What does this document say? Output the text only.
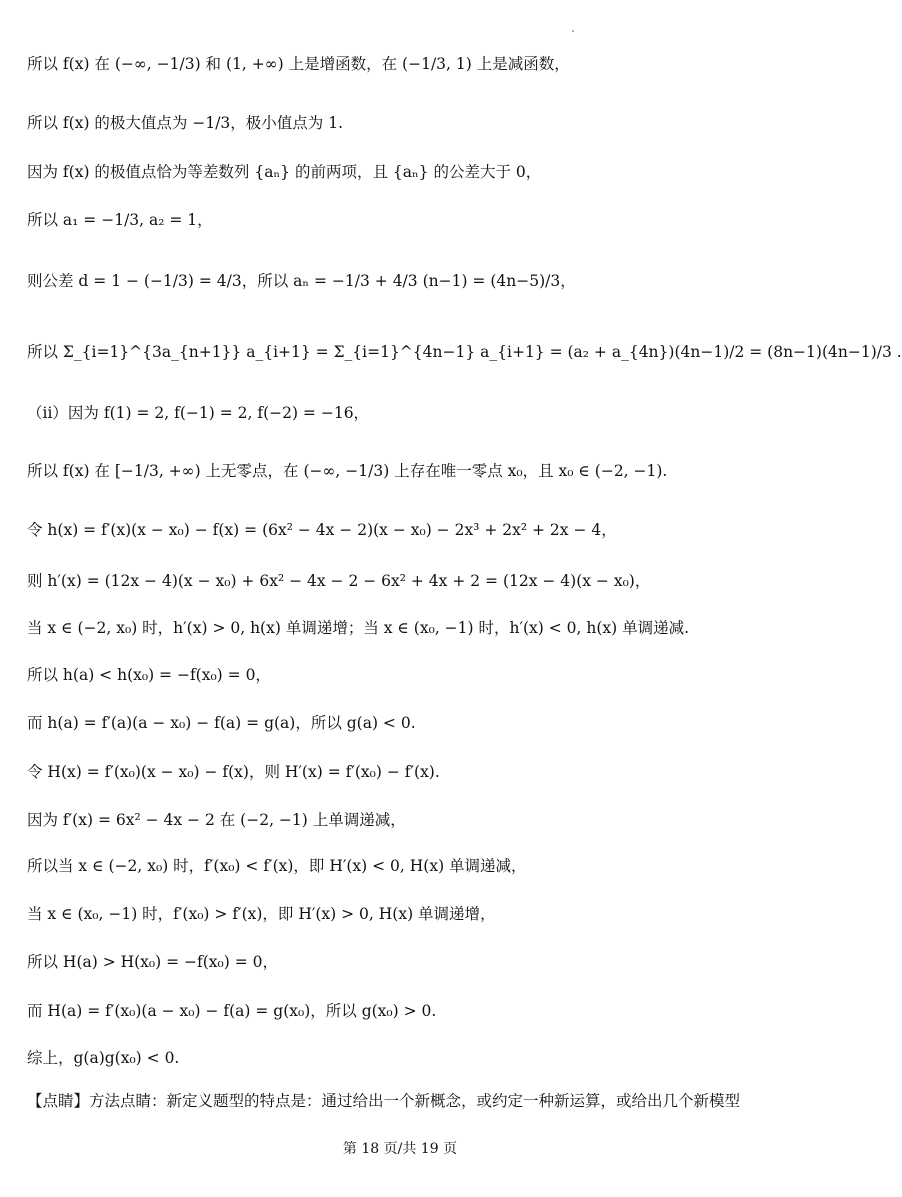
所以 f(x) 在 (−∞, −1/3) 和 (1, +∞) 上是增函数，在 (−1/3, 1) 上是减函数，
所以 f(x) 的极大值点为 −1/3，极小值点为 1.
因为 f(x) 的极值点恰为等差数列 {aₙ} 的前两项，且 {aₙ} 的公差大于 0，
所以 a₁ = −1/3, a₂ = 1，
则公差 d = 1 − (−1/3) = 4/3，所以 aₙ = −1/3 + 4/3 (n−1) = (4n−5)/3，
所以 Σ_{i=1}^{3a_{n+1}} a_{i+1} = Σ_{i=1}^{4n−1} a_{i+1} = (a₂ + a_{4n})(4n−1)/2 = (8n−1)(4n−1)/3 .
（ii）因为 f(1) = 2, f(−1) = 2, f(−2) = −16，
所以 f(x) 在 [−1/3, +∞) 上无零点，在 (−∞, −1/3) 上存在唯一零点 x₀，且 x₀ ∈ (−2, −1).
令 h(x) = f′(x)(x − x₀) − f(x) = (6x² − 4x − 2)(x − x₀) − 2x³ + 2x² + 2x − 4，
则 h′(x) = (12x − 4)(x − x₀) + 6x² − 4x − 2 − 6x² + 4x + 2 = (12x − 4)(x − x₀)，
当 x ∈ (−2, x₀) 时，h′(x) > 0, h(x) 单调递增；当 x ∈ (x₀, −1) 时，h′(x) < 0, h(x) 单调递减.
所以 h(a) < h(x₀) = −f(x₀) = 0，
而 h(a) = f′(a)(a − x₀) − f(a) = g(a)，所以 g(a) < 0.
令 H(x) = f′(x₀)(x − x₀) − f(x)，则 H′(x) = f′(x₀) − f′(x).
因为 f′(x) = 6x² − 4x − 2 在 (−2, −1) 上单调递减，
所以当 x ∈ (−2, x₀) 时，f′(x₀) < f′(x)，即 H′(x) < 0, H(x) 单调递减，
当 x ∈ (x₀, −1) 时，f′(x₀) > f′(x)，即 H′(x) > 0, H(x) 单调递增，
所以 H(a) > H(x₀) = −f(x₀) = 0，
而 H(a) = f′(x₀)(a − x₀) − f(a) = g(x₀)，所以 g(x₀) > 0.
综上，g(a)g(x₀) < 0.
【点睛】方法点睛：新定义题型的特点是：通过给出一个新概念，或约定一种新运算，或给出几个新模型
第 18 页/共 19 页
